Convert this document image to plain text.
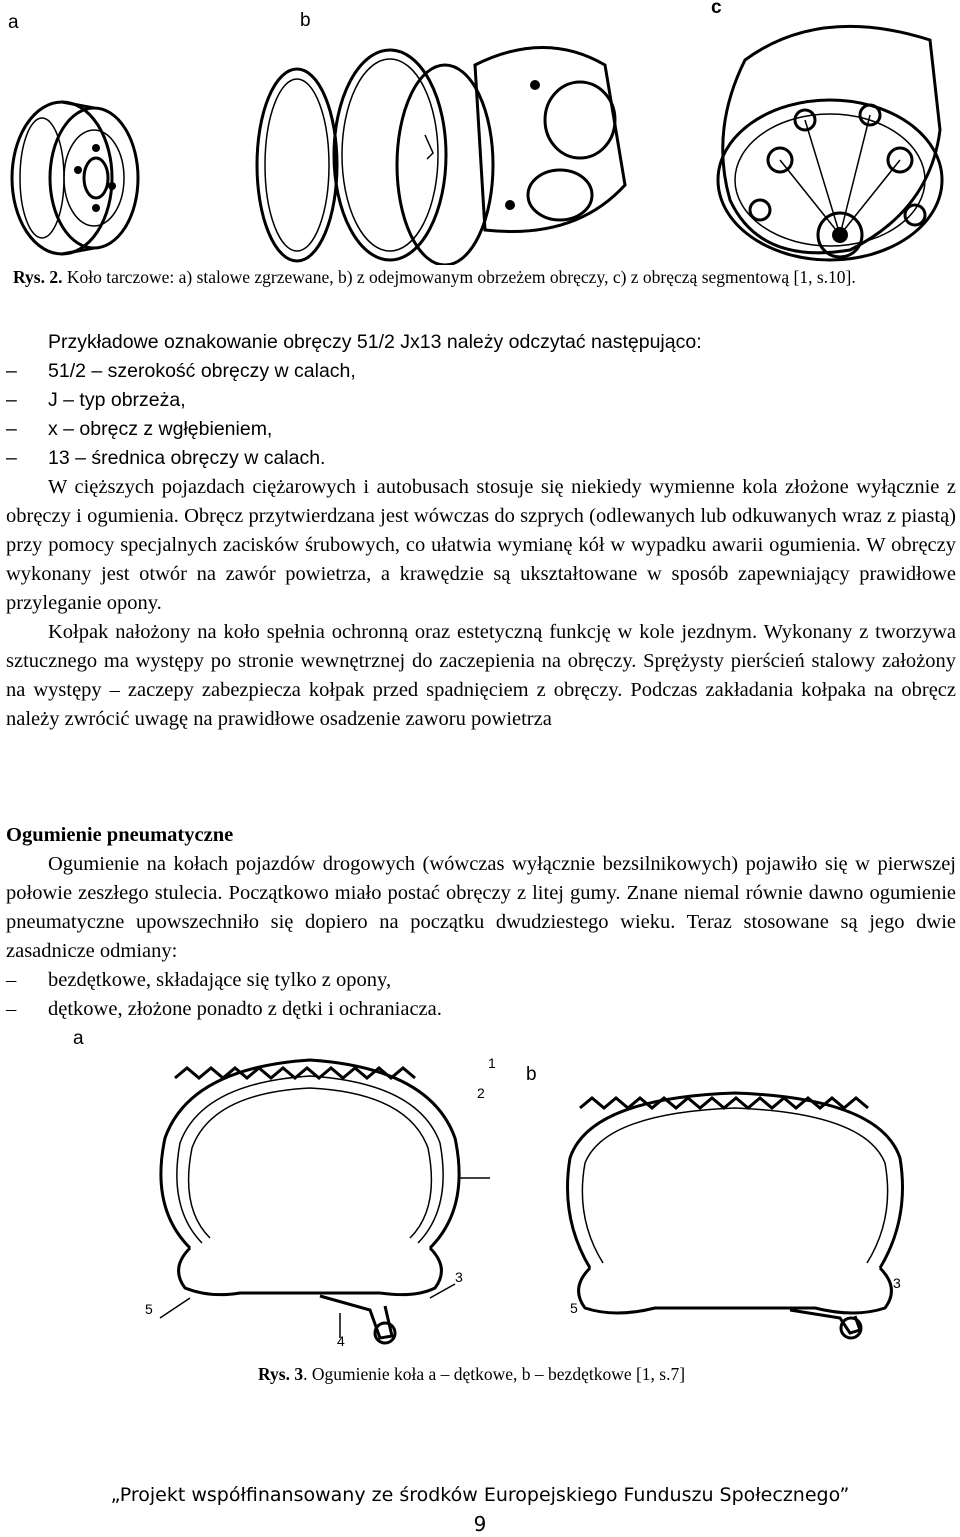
a	b
c
Rys. 2. Koło tarczowe: a) stalowe zgrzewane, b) z odejmowanym obrzeżem obręczy, c) z obręczą segmentową [1, s.10].

Przykładowe oznakowanie obręczy 51/2 Jx13 należy odczytać następująco:

– 51/2 – szerokość obręczy w calach,
– J – typ obrzeża,
– x – obręcz z wgłębieniem,
– 13 – średnica obręczy w calach.

W cięższych pojazdach ciężarowych i autobusach stosuje się niekiedy wymienne kola złożone wyłącznie z obręczy i ogumienia. Obręcz przytwierdzana jest wówczas do szprych (odlewanych lub odkuwanych wraz z piastą) przy pomocy specjalnych zacisków śrubowych, co ułatwia wymianę kół w wypadku awarii ogumienia. W obręczy wykonany jest otwór na zawór powietrza, a krawędzie są ukształtowane w sposób zapewniający prawidłowe przyleganie opony.

Kołpak nałożony na koło spełnia ochronną oraz estetyczną funkcję w kole jezdnym. Wykonany z tworzywa sztucznego ma występy po stronie wewnętrznej do zaczepienia na obręczy. Sprężysty pierścień stalowy założony na występy – zaczepy zabezpiecza kołpak przed spadnięciem z obręczy. Podczas zakładania kołpaka na obręcz należy zwrócić uwagę na prawidłowe osadzenie zaworu powietrza

Ogumienie pneumatyczne

Ogumienie na kołach pojazdów drogowych (wówczas wyłącznie bezsilnikowych) pojawiło się w pierwszej połowie zeszłego stulecia. Początkowo miało postać obręczy z litej gumy. Znane niemal równie dawno ogumienie pneumatyczne upowszechniło się dopiero na początku dwudziestego wieku. Teraz stosowane są jego dwie zasadnicze odmiany:

– bezdętkowe, składające się tylko z opony,
– dętkowe, złożone ponadto z dętki i ochraniacza.
a
b
1
2
3
4
5
3
5
Rys. 3. Ogumienie koła a – dętkowe, b – bezdętkowe [1, s.7]
„Projekt współfinansowany ze środków Europejskiego Funduszu Społecznego”
9
